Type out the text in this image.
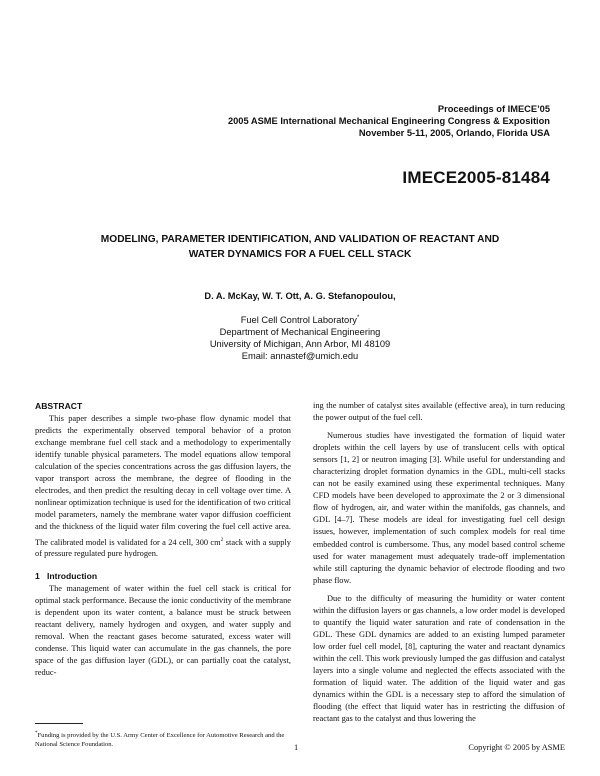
Proceedings of IMECE’05
2005 ASME International Mechanical Engineering Congress & Exposition
November 5-11, 2005, Orlando, Florida USA
IMECE2005-81484
MODELING, PARAMETER IDENTIFICATION, AND VALIDATION OF REACTANT AND
WATER DYNAMICS FOR A FUEL CELL STACK
D. A. McKay, W. T. Ott, A. G. Stefanopoulou,
Fuel Cell Control Laboratory*
Department of Mechanical Engineering
University of Michigan, Ann Arbor, MI 48109
Email: annastef@umich.edu
ABSTRACT

This paper describes a simple two-phase flow dynamic model that predicts the experimentally observed temporal behavior of a proton exchange membrane fuel cell stack and a methodology to experimentally identify tunable physical parameters. The model equations allow temporal calculation of the species concentrations across the gas diffusion layers, the vapor transport across the membrane, the degree of flooding in the electrodes, and then predict the resulting decay in cell voltage over time. A nonlinear optimization technique is used for the identification of two critical model parameters, namely the membrane water vapor diffusion coefficient and the thickness of the liquid water film covering the fuel cell active area. The calibrated model is validated for a 24 cell, 300 $cm^2$ stack with a supply of pressure regulated pure hydrogen.

1 Introduction

The management of water within the fuel cell stack is critical for optimal stack performance. Because the ionic conductivity of the membrane is dependent upon its water content, a balance must be struck between reactant delivery, namely hydrogen and oxygen, and water supply and removal. When the reactant gases become saturated, excess water will condense. This liquid water can accumulate in the gas channels, the pore space of the gas diffusion layer (GDL), or can partially coat the catalyst, reduc-

ing the number of catalyst sites available (effective area), in turn reducing the power output of the fuel cell.

Numerous studies have investigated the formation of liquid water droplets within the cell layers by use of translucent cells with optical sensors [1, 2] or neutron imaging [3]. While useful for understanding and characterizing droplet formation dynamics in the GDL, multi-cell stacks can not be easily examined using these experimental techniques. Many CFD models have been developed to approximate the 2 or 3 dimensional flow of hydrogen, air, and water within the manifolds, gas channels, and GDL [4–7]. These models are ideal for investigating fuel cell design issues, however, implementation of such complex models for real time embedded control is cumbersome. Thus, any model based control scheme used for water management must adequately trade-off implementation while still capturing the dynamic behavior of electrode flooding and two phase flow.

Due to the difficulty of measuring the humidity or water content within the diffusion layers or gas channels, a low order model is developed to quantify the liquid water saturation and rate of condensation in the GDL. These GDL dynamics are added to an existing lumped parameter low order fuel cell model, [8], capturing the water and reactant dynamics within the cell. This work previously lumped the gas diffusion and catalyst layers into a single volume and neglected the effects associated with the formation of liquid water. The addition of the liquid water and gas dynamics within the GDL is a necessary step to afford the simulation of flooding (the effect that liquid water has in restricting the diffusion of reactant gas to the catalyst and thus lowering the

*Funding is provided by the U.S. Army Center of Excellence for Automotive Research and the National Science Foundation.	1	Copyright © 2005 by ASME
